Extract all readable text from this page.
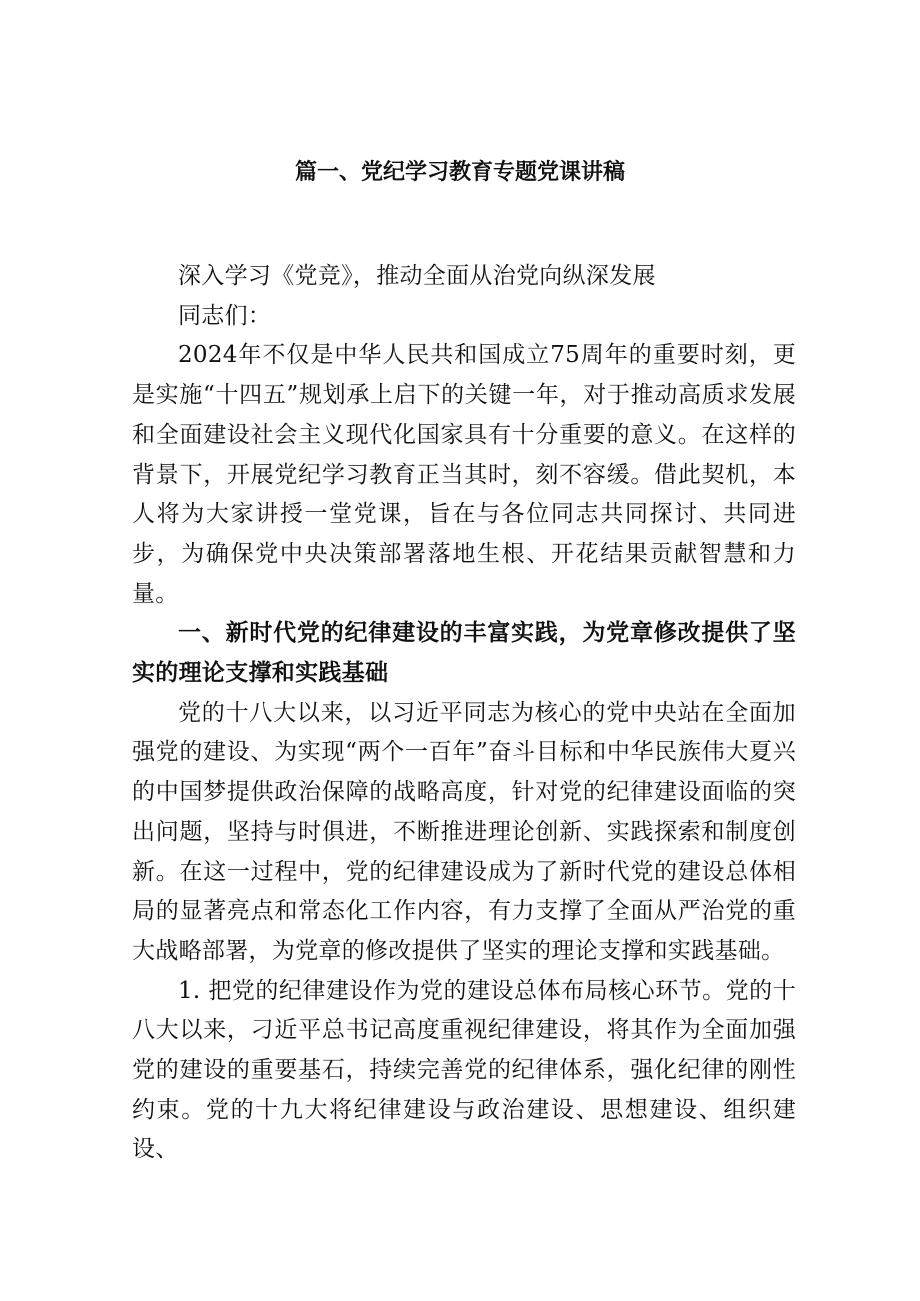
篇一、党纪学习教育专题党课讲稿

深入学习《党竞》，推动全面从治党向纵深发展

同志们：

2024年不仅是中华人民共和国成立75周年的重要时刻，更是实施“十四五”规划承上启下的关键一年，对于推动高质求发展和全面建设社会主义现代化国家具有十分重要的意义。在这样的背景下，开展党纪学习教育正当其时，刻不容缓。借此契机，本人将为大家讲授一堂党课，旨在与各位同志共同探讨、共同进步，为确保党中央决策部署落地生根、开花结果贡献智慧和力量。

一、新时代党的纪律建设的丰富实践，为党章修改提供了坚实的理论支撑和实践基础

党的十八大以来，以习近平同志为核心的党中央站在全面加强党的建设、为实现“两个一百年”奋斗目标和中华民族伟大夏兴的中国梦提供政治保障的战略高度，针对党的纪律建设面临的突出问题，坚持与时俱进，不断推进理论创新、实践探索和制度创新。在这一过程中，党的纪律建设成为了新时代党的建设总体相局的显著亮点和常态化工作内容，有力支撑了全面从严治党的重大战略部署，为党章的修改提供了坚实的理论支撑和实践基础。

1. 把党的纪律建设作为党的建设总体布局核心环节。党的十八大以来，刁近平总书记高度重视纪律建设，将其作为全面加强党的建设的重要基石，持续完善党的纪律体系，强化纪律的刚性约束。党的十九大将纪律建设与政治建设、思想建设、组织建设、
